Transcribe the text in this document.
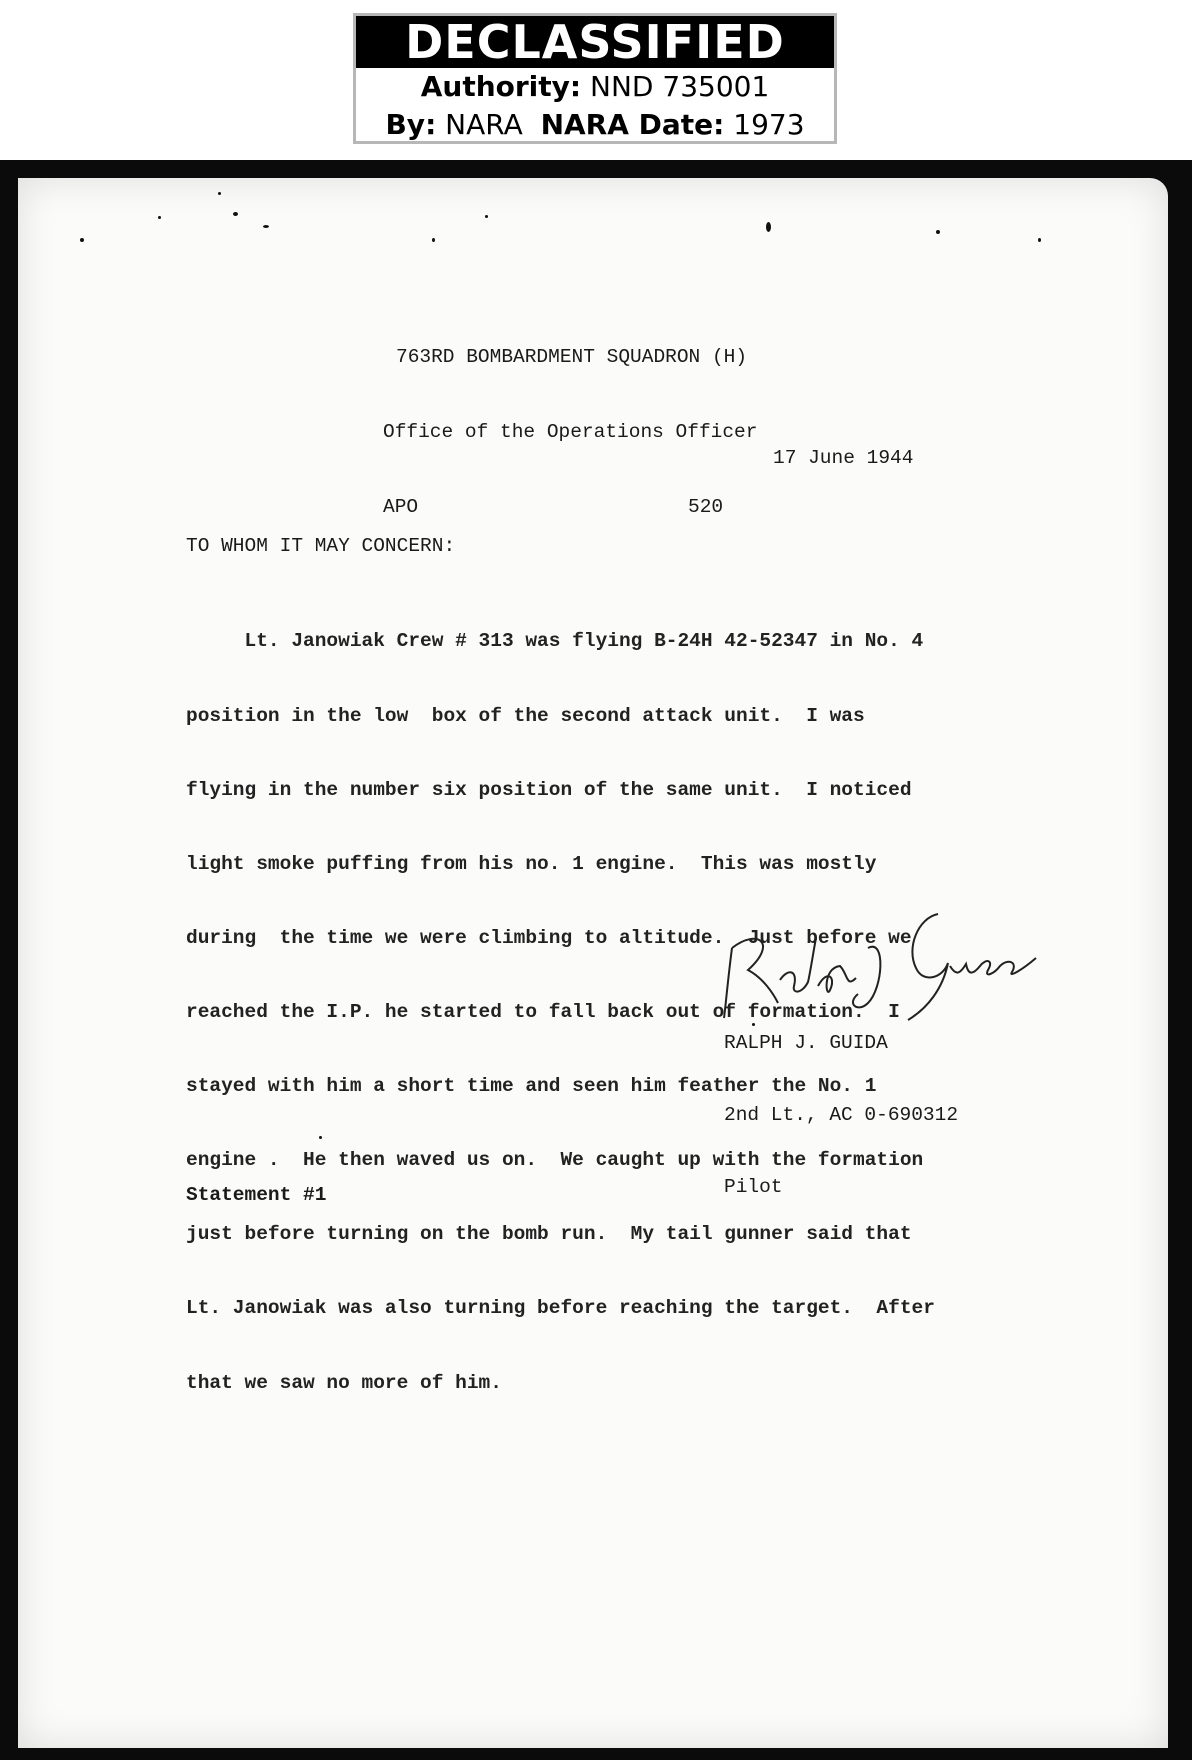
DECLASSIFIED
Authority: NND 735001
By: NARA NARA Date: 1973

763RD BOMBARDMENT SQUADRON (H)

Office of the Operations Officer

APO	520

17 June 1944
TO WHOM IT MAY CONCERN:

Lt. Janowiak Crew # 313 was flying B-24H 42-52347 in No. 4

position in the low  box of the second attack unit.  I was

flying in the number six position of the same unit.  I noticed

light smoke puffing from his no. 1 engine.  This was mostly

during  the time we were climbing to altitude.  Just before we

reached the I.P. he started to fall back out of formation.  I

stayed with him a short time and seen him feather the No. 1

engine .  He then waved us on.  We caught up with the formation

just before turning on the bomb run.  My tail gunner said that

Lt. Janowiak was also turning before reaching the target.  After

that we saw no more of him.

RALPH J. GUIDA

2nd Lt., AC 0-690312

Pilot

Statement #1
